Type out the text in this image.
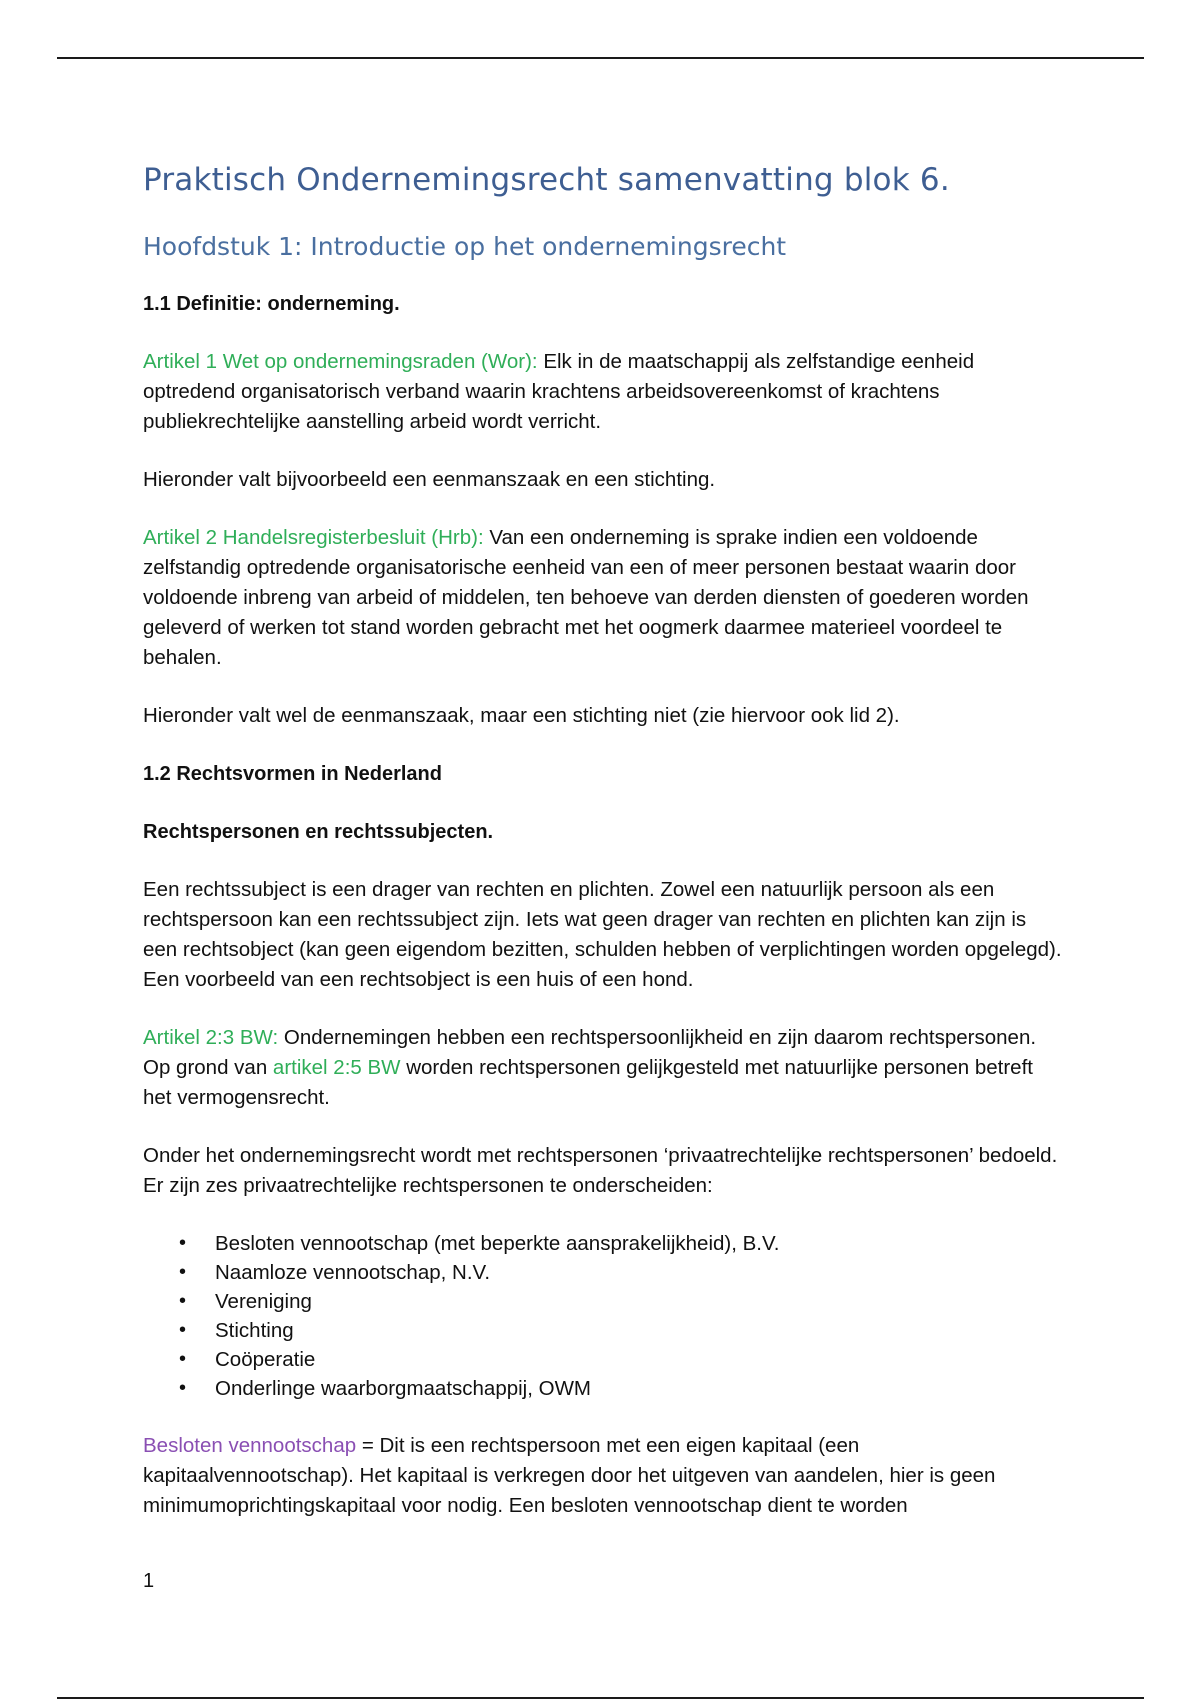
Praktisch Ondernemingsrecht samenvatting blok 6.
Hoofdstuk 1: Introductie op het ondernemingsrecht
1.1 Definitie: onderneming.

Artikel 1 Wet op ondernemingsraden (Wor): Elk in de maatschappij als zelfstandige eenheid optredend organisatorisch verband waarin krachtens arbeidsovereenkomst of krachtens publiekrechtelijke aanstelling arbeid wordt verricht.

Hieronder valt bijvoorbeeld een eenmanszaak en een stichting.

Artikel 2 Handelsregisterbesluit (Hrb): Van een onderneming is sprake indien een voldoende zelfstandig optredende organisatorische eenheid van een of meer personen bestaat waarin door voldoende inbreng van arbeid of middelen, ten behoeve van derden diensten of goederen worden geleverd of werken tot stand worden gebracht met het oogmerk daarmee materieel voordeel te behalen.

Hieronder valt wel de eenmanszaak, maar een stichting niet (zie hiervoor ook lid 2).

1.2 Rechtsvormen in Nederland
Rechtspersonen en rechtssubjecten.

Een rechtssubject is een drager van rechten en plichten. Zowel een natuurlijk persoon als een rechtspersoon kan een rechtssubject zijn. Iets wat geen drager van rechten en plichten kan zijn is een rechtsobject (kan geen eigendom bezitten, schulden hebben of verplichtingen worden opgelegd). Een voorbeeld van een rechtsobject is een huis of een hond.

Artikel 2:3 BW: Ondernemingen hebben een rechtspersoonlijkheid en zijn daarom rechtspersonen. Op grond van artikel 2:5 BW worden rechtspersonen gelijkgesteld met natuurlijke personen betreft het vermogensrecht.

Onder het ondernemingsrecht wordt met rechtspersonen ‘privaatrechtelijke rechtspersonen’ bedoeld. Er zijn zes privaatrechtelijke rechtspersonen te onderscheiden:

• Besloten vennootschap (met beperkte aansprakelijkheid), B.V.
• Naamloze vennootschap, N.V.
• Vereniging
• Stichting
• Coöperatie
• Onderlinge waarborgmaatschappij, OWM

Besloten vennootschap = Dit is een rechtspersoon met een eigen kapitaal (een kapitaalvennootschap). Het kapitaal is verkregen door het uitgeven van aandelen, hier is geen minimumoprichtingskapitaal voor nodig. Een besloten vennootschap dient te worden

1
